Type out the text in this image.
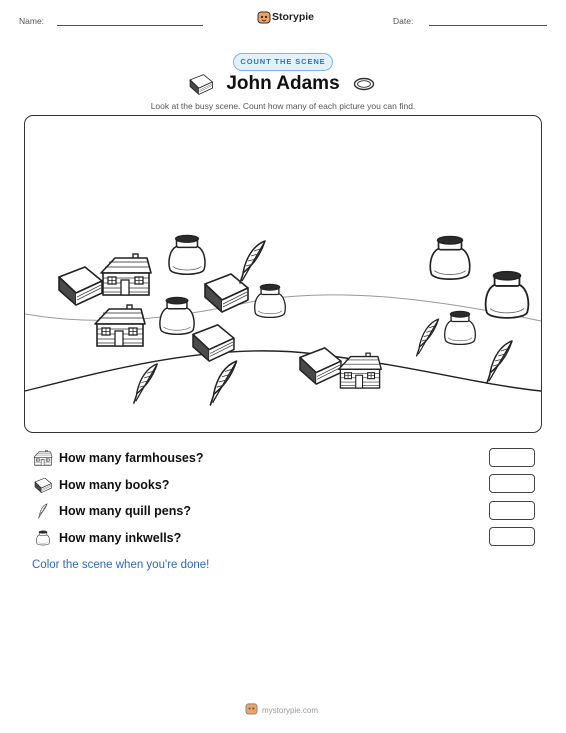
Name:	Storypie	Date:
COUNT THE SCENE
John Adams
Look at the busy scene. Count how many of each picture you can find.
How many farmhouses?
How many books?
How many quill pens?
How many inkwells?
Color the scene when you're done!
mystorypie.com
